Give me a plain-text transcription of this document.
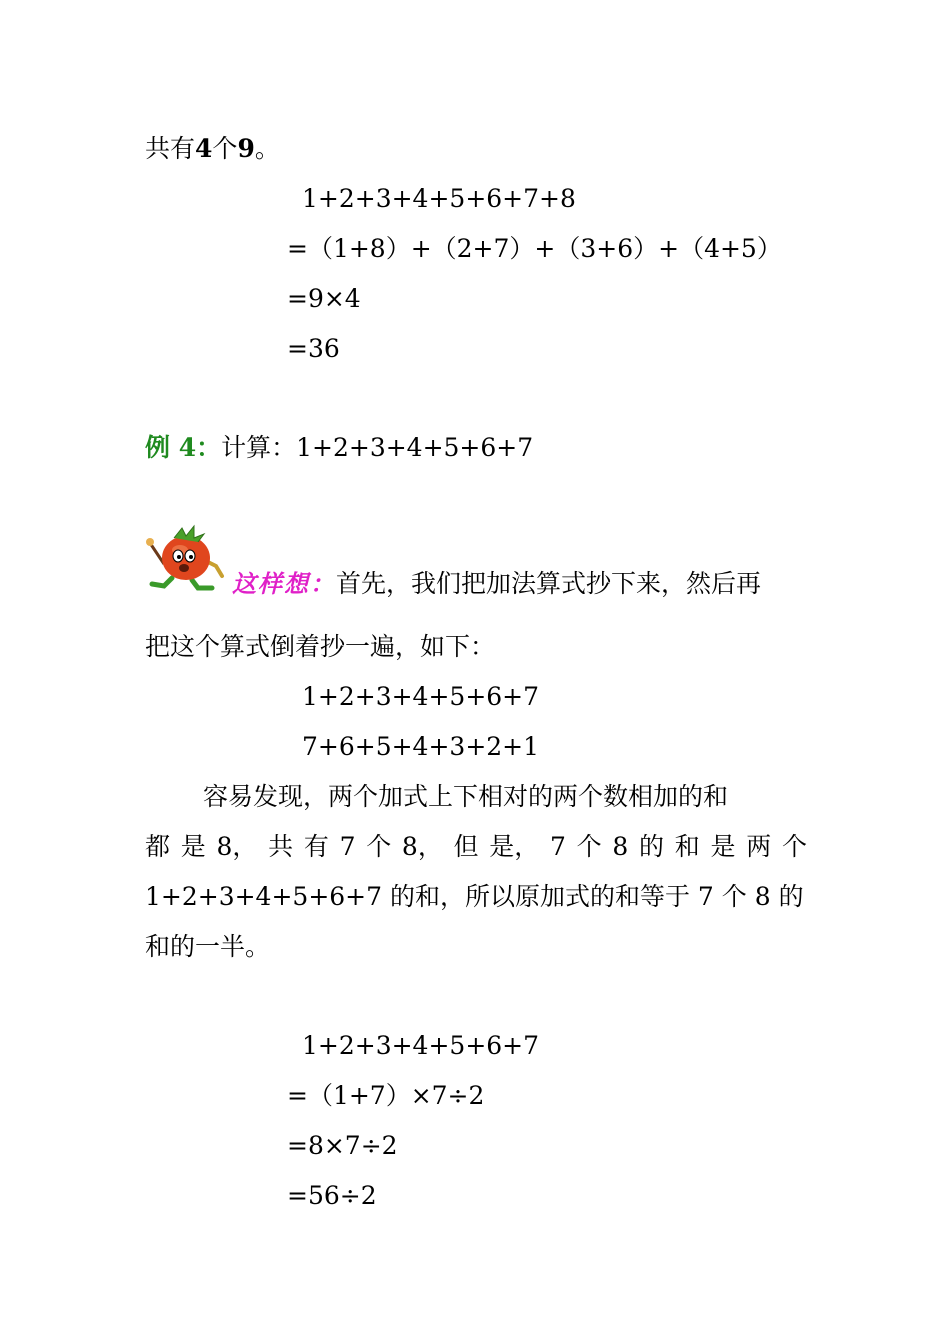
共有4个9。
1+2+3+4+5+6+7+8
=（1+8）+（2+7）+（3+6）+（4+5）
=9×4
=36
例 4：计算：1+2+3+4+5+6+7
这样想：首先，我们把加法算式抄下来，然后再
把这个算式倒着抄一遍，如下：
1+2+3+4+5+6+7
7+6+5+4+3+2+1
容易发现，两个加式上下相对的两个数相加的和
都 是 8， 共 有 7 个 8， 但 是， 7 个 8 的 和 是 两 个
1+2+3+4+5+6+7 的和，所以原加式的和等于 7 个 8 的
和的一半。
1+2+3+4+5+6+7
=（1+7）×7÷2
=8×7÷2
=56÷2
